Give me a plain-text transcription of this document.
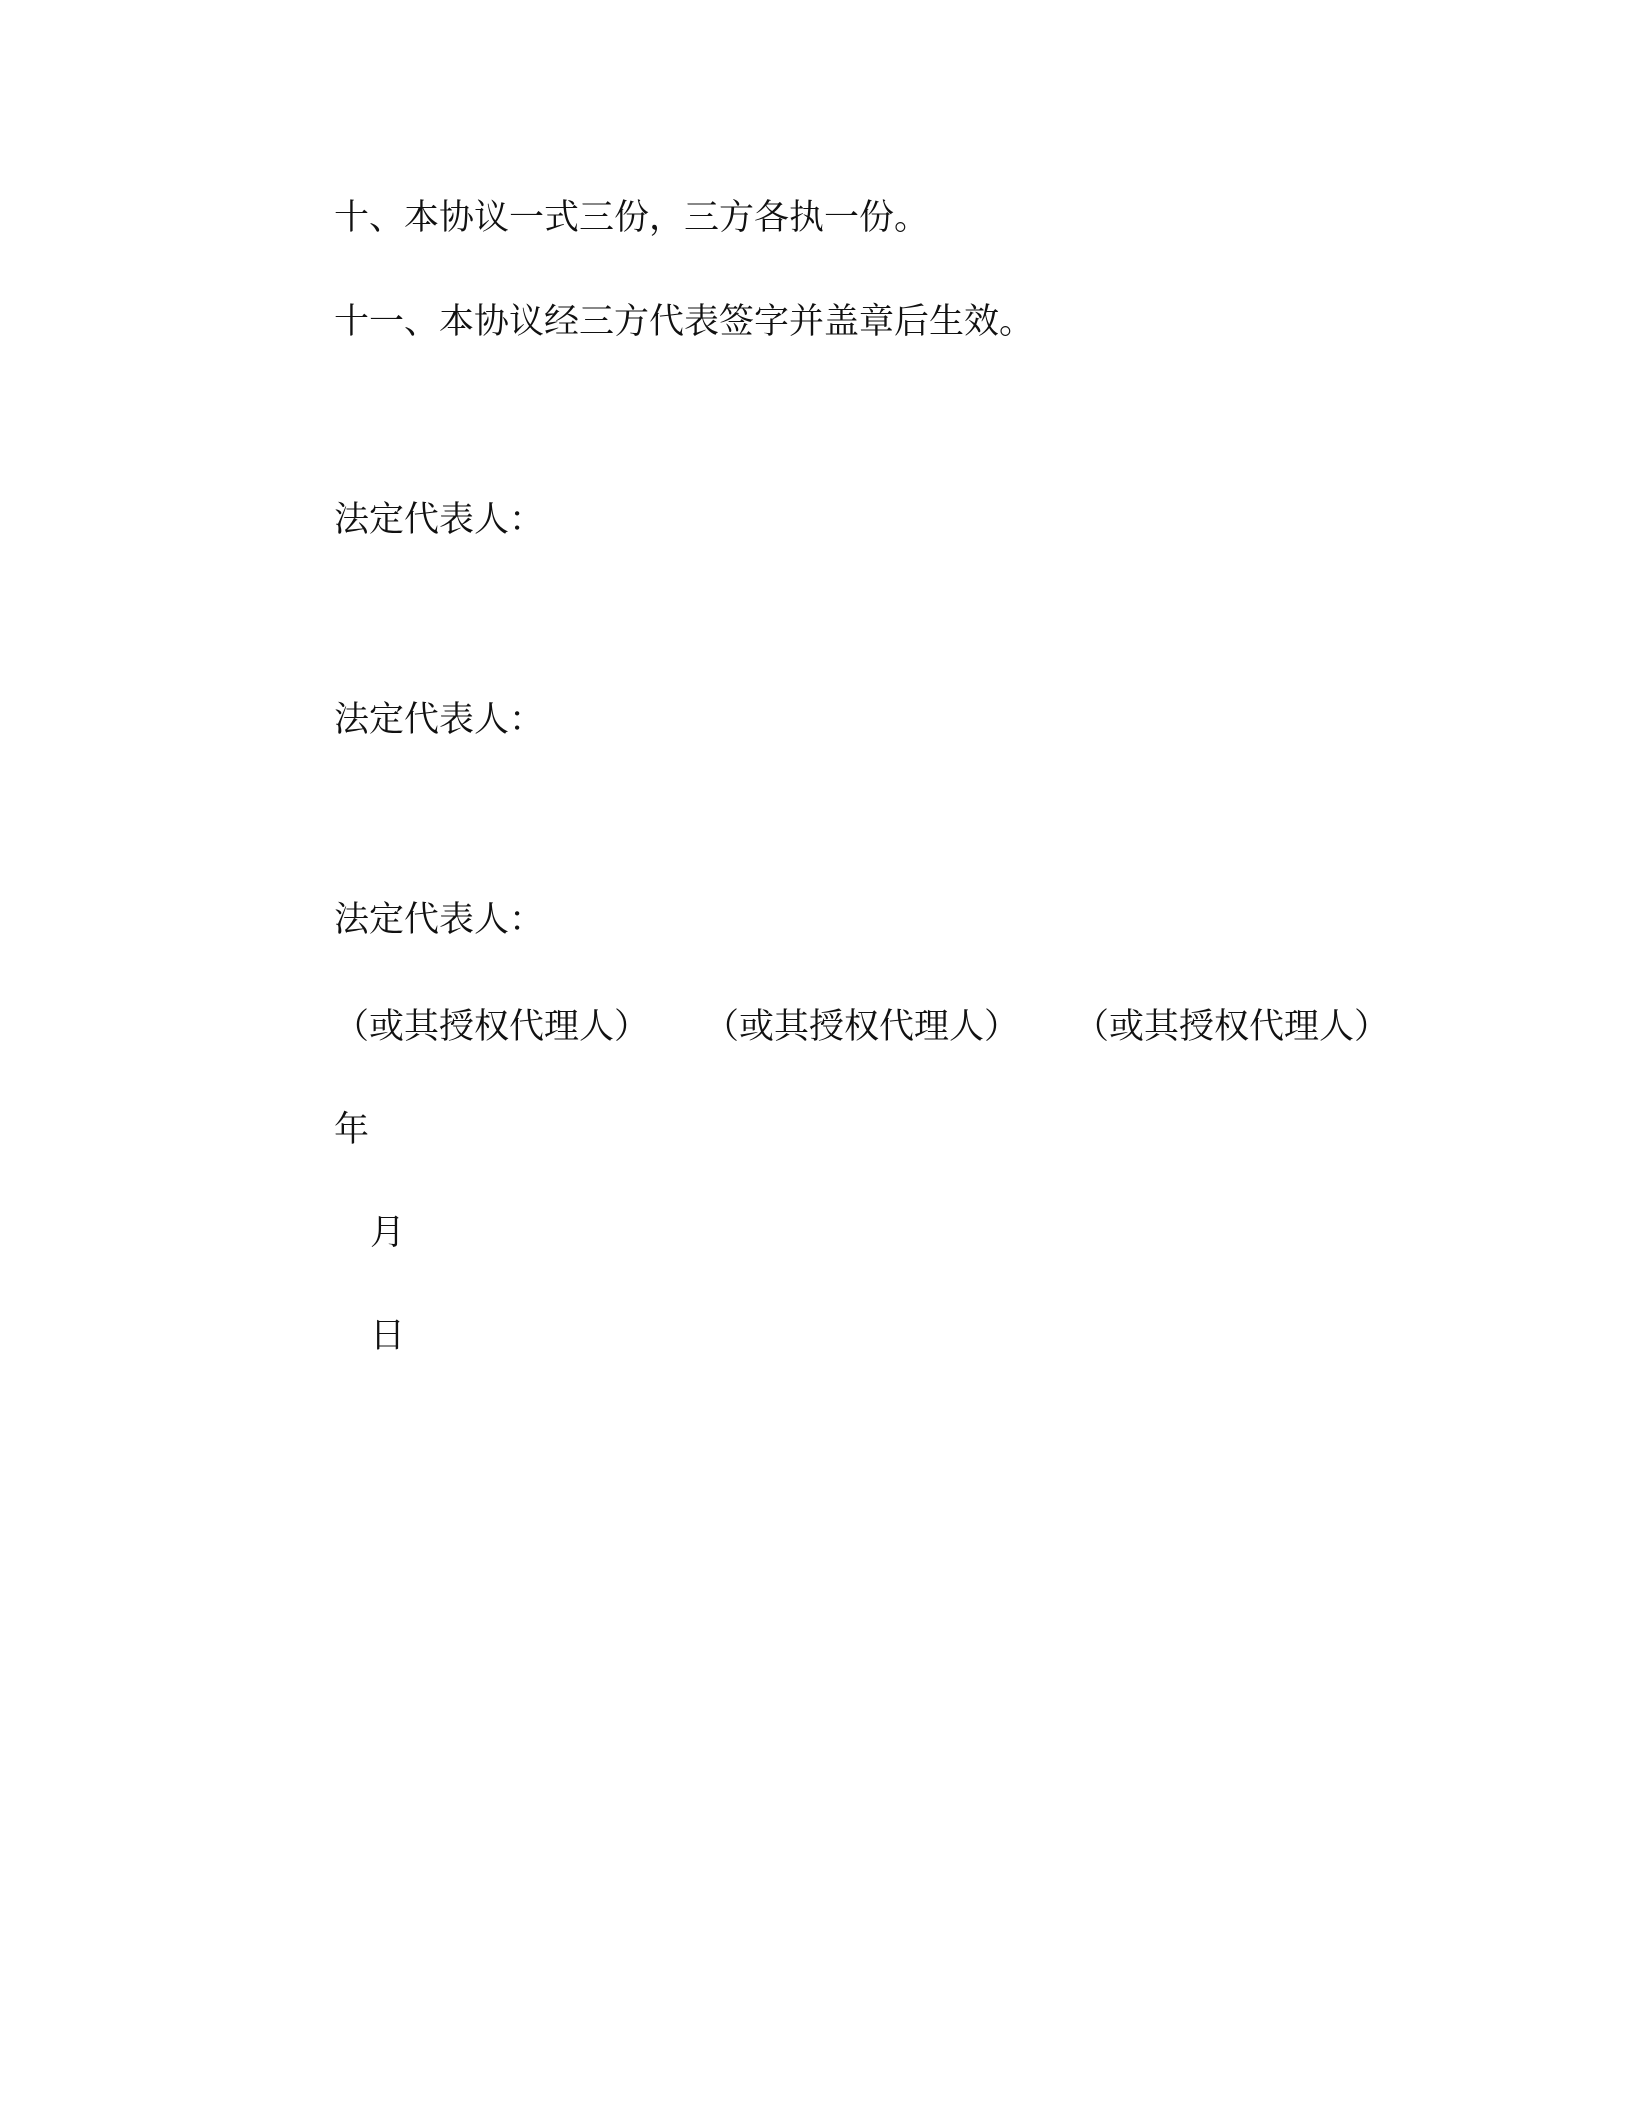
十、本协议一式三份，三方各执一份。
十一、本协议经三方代表签字并盖章后生效。
法定代表人：
法定代表人：
法定代表人：
（或其授权代理人） （或其授权代理人） （或其授权代理人）
年
月
日
